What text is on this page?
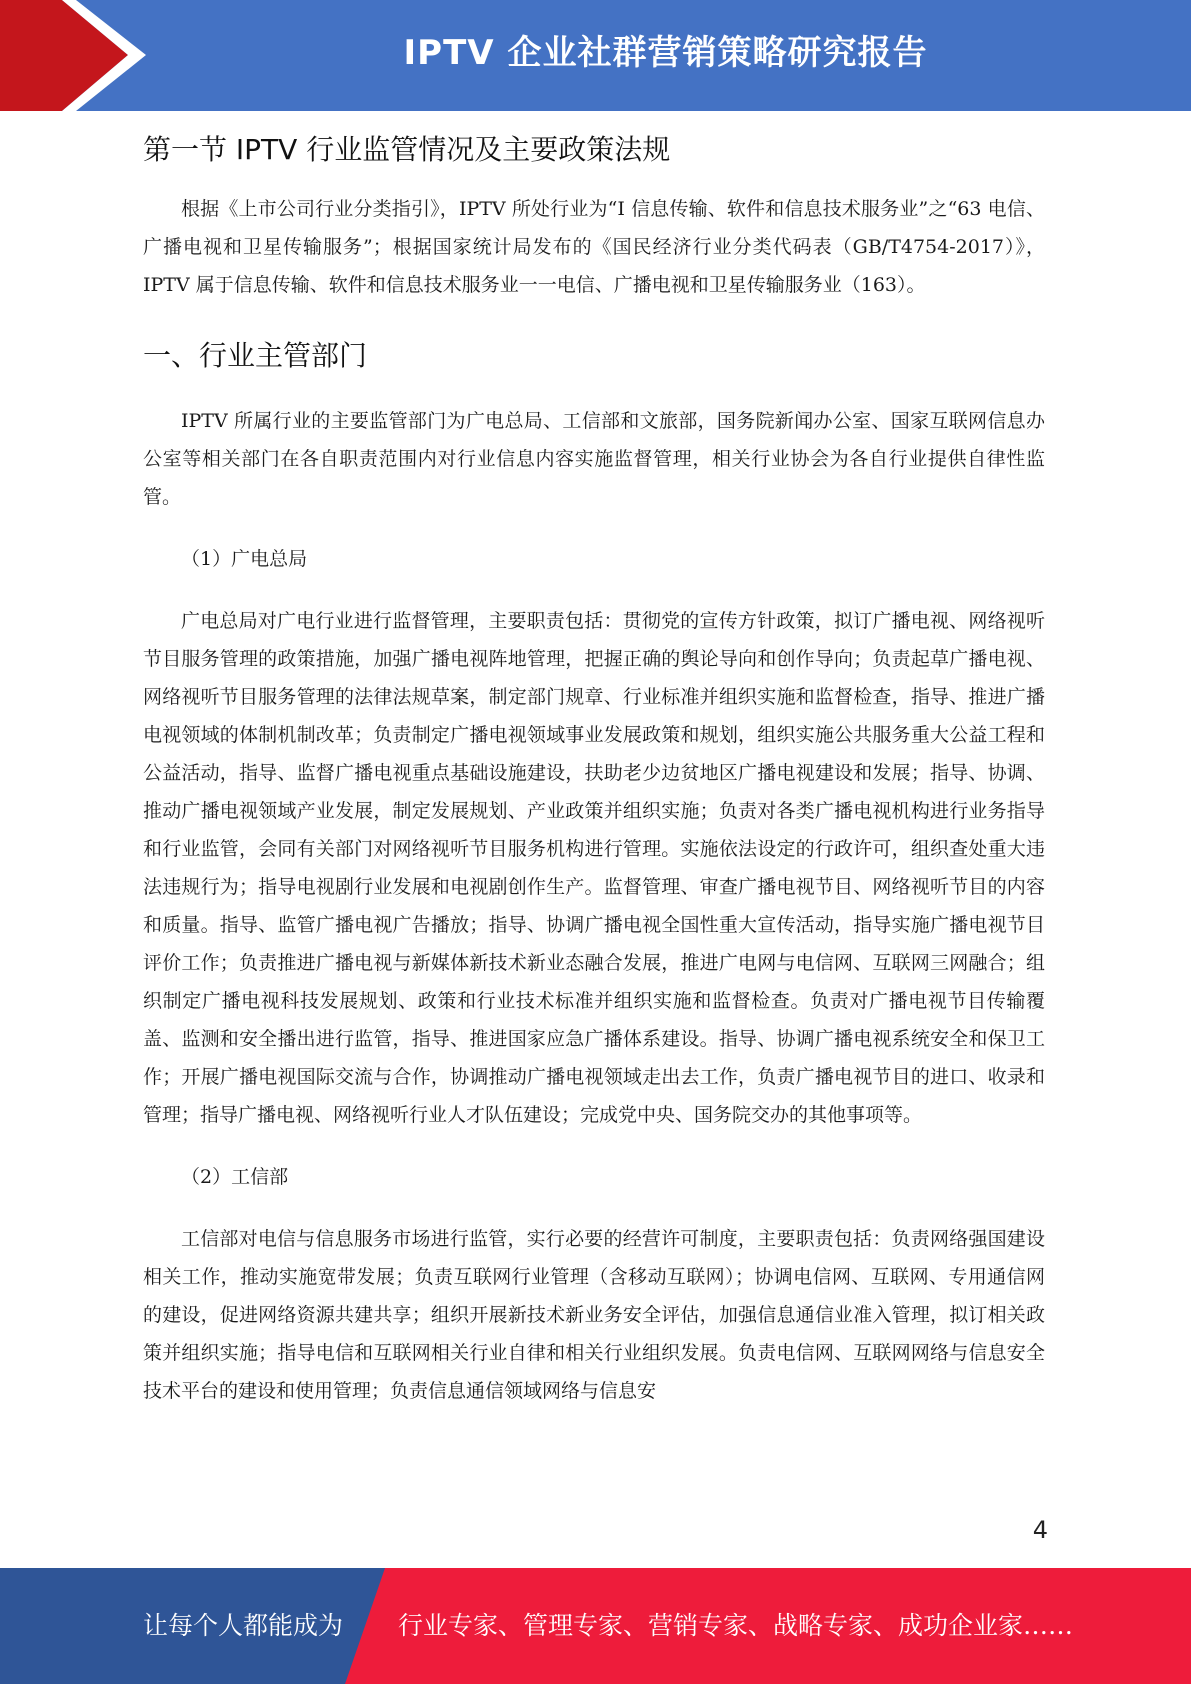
IPTV 企业社群营销策略研究报告
第一节 IPTV 行业监管情况及主要政策法规

根据《上市公司行业分类指引》，IPTV 所处行业为“I 信息传输、软件和信息技术服务业”之“63 电信、广播电视和卫星传输服务”；根据国家统计局发布的《国民经济行业分类代码表（GB/T4754-2017）》，IPTV 属于信息传输、软件和信息技术服务业一一电信、广播电视和卫星传输服务业（163）。

一、行业主管部门

IPTV 所属行业的主要监管部门为广电总局、工信部和文旅部，国务院新闻办公室、国家互联网信息办公室等相关部门在各自职责范围内对行业信息内容实施监督管理，相关行业协会为各自行业提供自律性监管。

（1）广电总局

广电总局对广电行业进行监督管理，主要职责包括：贯彻党的宣传方针政策，拟订广播电视、网络视听节目服务管理的政策措施，加强广播电视阵地管理，把握正确的舆论导向和创作导向；负责起草广播电视、网络视听节目服务管理的法律法规草案，制定部门规章、行业标准并组织实施和监督检查，指导、推进广播电视领域的体制机制改革；负责制定广播电视领域事业发展政策和规划，组织实施公共服务重大公益工程和公益活动，指导、监督广播电视重点基础设施建设，扶助老少边贫地区广播电视建设和发展；指导、协调、推动广播电视领域产业发展，制定发展规划、产业政策并组织实施；负责对各类广播电视机构进行业务指导和行业监管，会同有关部门对网络视听节目服务机构进行管理。实施依法设定的行政许可，组织查处重大违法违规行为；指导电视剧行业发展和电视剧创作生产。监督管理、审查广播电视节目、网络视听节目的内容和质量。指导、监管广播电视广告播放；指导、协调广播电视全国性重大宣传活动，指导实施广播电视节目评价工作；负责推进广播电视与新媒体新技术新业态融合发展，推进广电网与电信网、互联网三网融合；组织制定广播电视科技发展规划、政策和行业技术标准并组织实施和监督检查。负责对广播电视节目传输覆盖、监测和安全播出进行监管，指导、推进国家应急广播体系建设。指导、协调广播电视系统安全和保卫工作；开展广播电视国际交流与合作，协调推动广播电视领域走出去工作，负责广播电视节目的进口、收录和管理；指导广播电视、网络视听行业人才队伍建设；完成党中央、国务院交办的其他事项等。

（2）工信部

工信部对电信与信息服务市场进行监管，实行必要的经营许可制度，主要职责包括：负责网络强国建设相关工作，推动实施宽带发展；负责互联网行业管理（含移动互联网）；协调电信网、互联网、专用通信网的建设，促进网络资源共建共享；组织开展新技术新业务安全评估，加强信息通信业准入管理，拟订相关政策并组织实施；指导电信和互联网相关行业自律和相关行业组织发展。负责电信网、互联网网络与信息安全技术平台的建设和使用管理；负责信息通信领域网络与信息安

4
让每个人都能成为 行业专家、管理专家、营销专家、战略专家、成功企业家……
